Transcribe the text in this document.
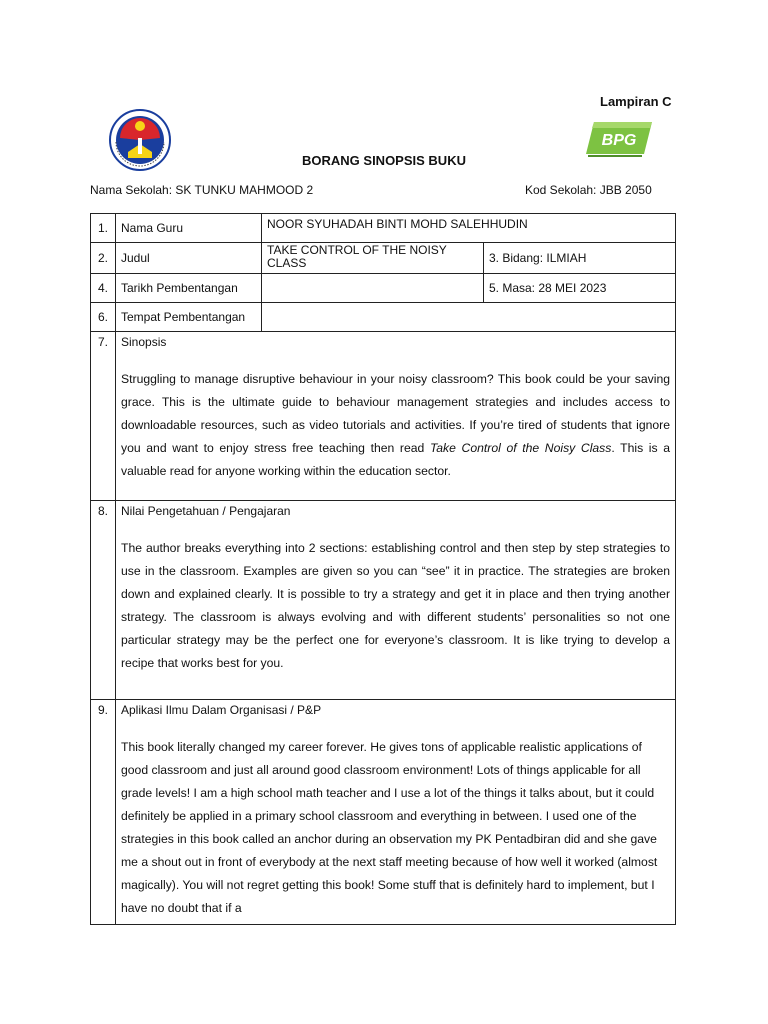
Lampiran C
BPG
BORANG SINOPSIS BUKU
Nama Sekolah: SK TUNKU MAHMOOD 2	Kod Sekolah: JBB 2050
1.	Nama Guru	NOOR SYUHADAH BINTI MOHD SALEHHUDIN	
2.	Judul	TAKE CONTROL OF THE NOISY CLASS	3. Bidang: ILMIAH
4.	Tarikh Pembentangan		5. Masa: 28 MEI 2023
6.	Tempat Pembentangan		
7.	Sinopsis
Struggling to manage disruptive behaviour in your noisy classroom? This book could be your saving grace. This is the ultimate guide to behaviour management strategies and includes access to downloadable resources, such as video tutorials and activities. If you’re tired of students that ignore you and want to enjoy stress free teaching then read Take Control of the Noisy Class. This is a valuable read for anyone working within the education sector.		

8.	Nilai Pengetahuan / Pengajaran
The author breaks everything into 2 sections: establishing control and then step by step strategies to use in the classroom. Examples are given so you can “see” it in practice. The strategies are broken down and explained clearly. It is possible to try a strategy and get it in place and then trying another strategy. The classroom is always evolving and with different students’ personalities so not one particular strategy may be the perfect one for everyone’s classroom. It is like trying to develop a recipe that works best for you.		

9.	Aplikasi Ilmu Dalam Organisasi / P&P
This book literally changed my career forever. He gives tons of applicable realistic applications of good classroom and just all around good classroom environment! Lots of things applicable for all grade levels! I am a high school math teacher and I use a lot of the things it talks about, but it could definitely be applied in a primary school classroom and everything in between. I used one of the strategies in this book called an anchor during an observation my PK Pentadbiran did and she gave me a shout out in front of everybody at the next staff meeting because of how well it worked (almost magically). You will not regret getting this book! Some stuff that is definitely hard to implement, but I have no doubt that if a		
